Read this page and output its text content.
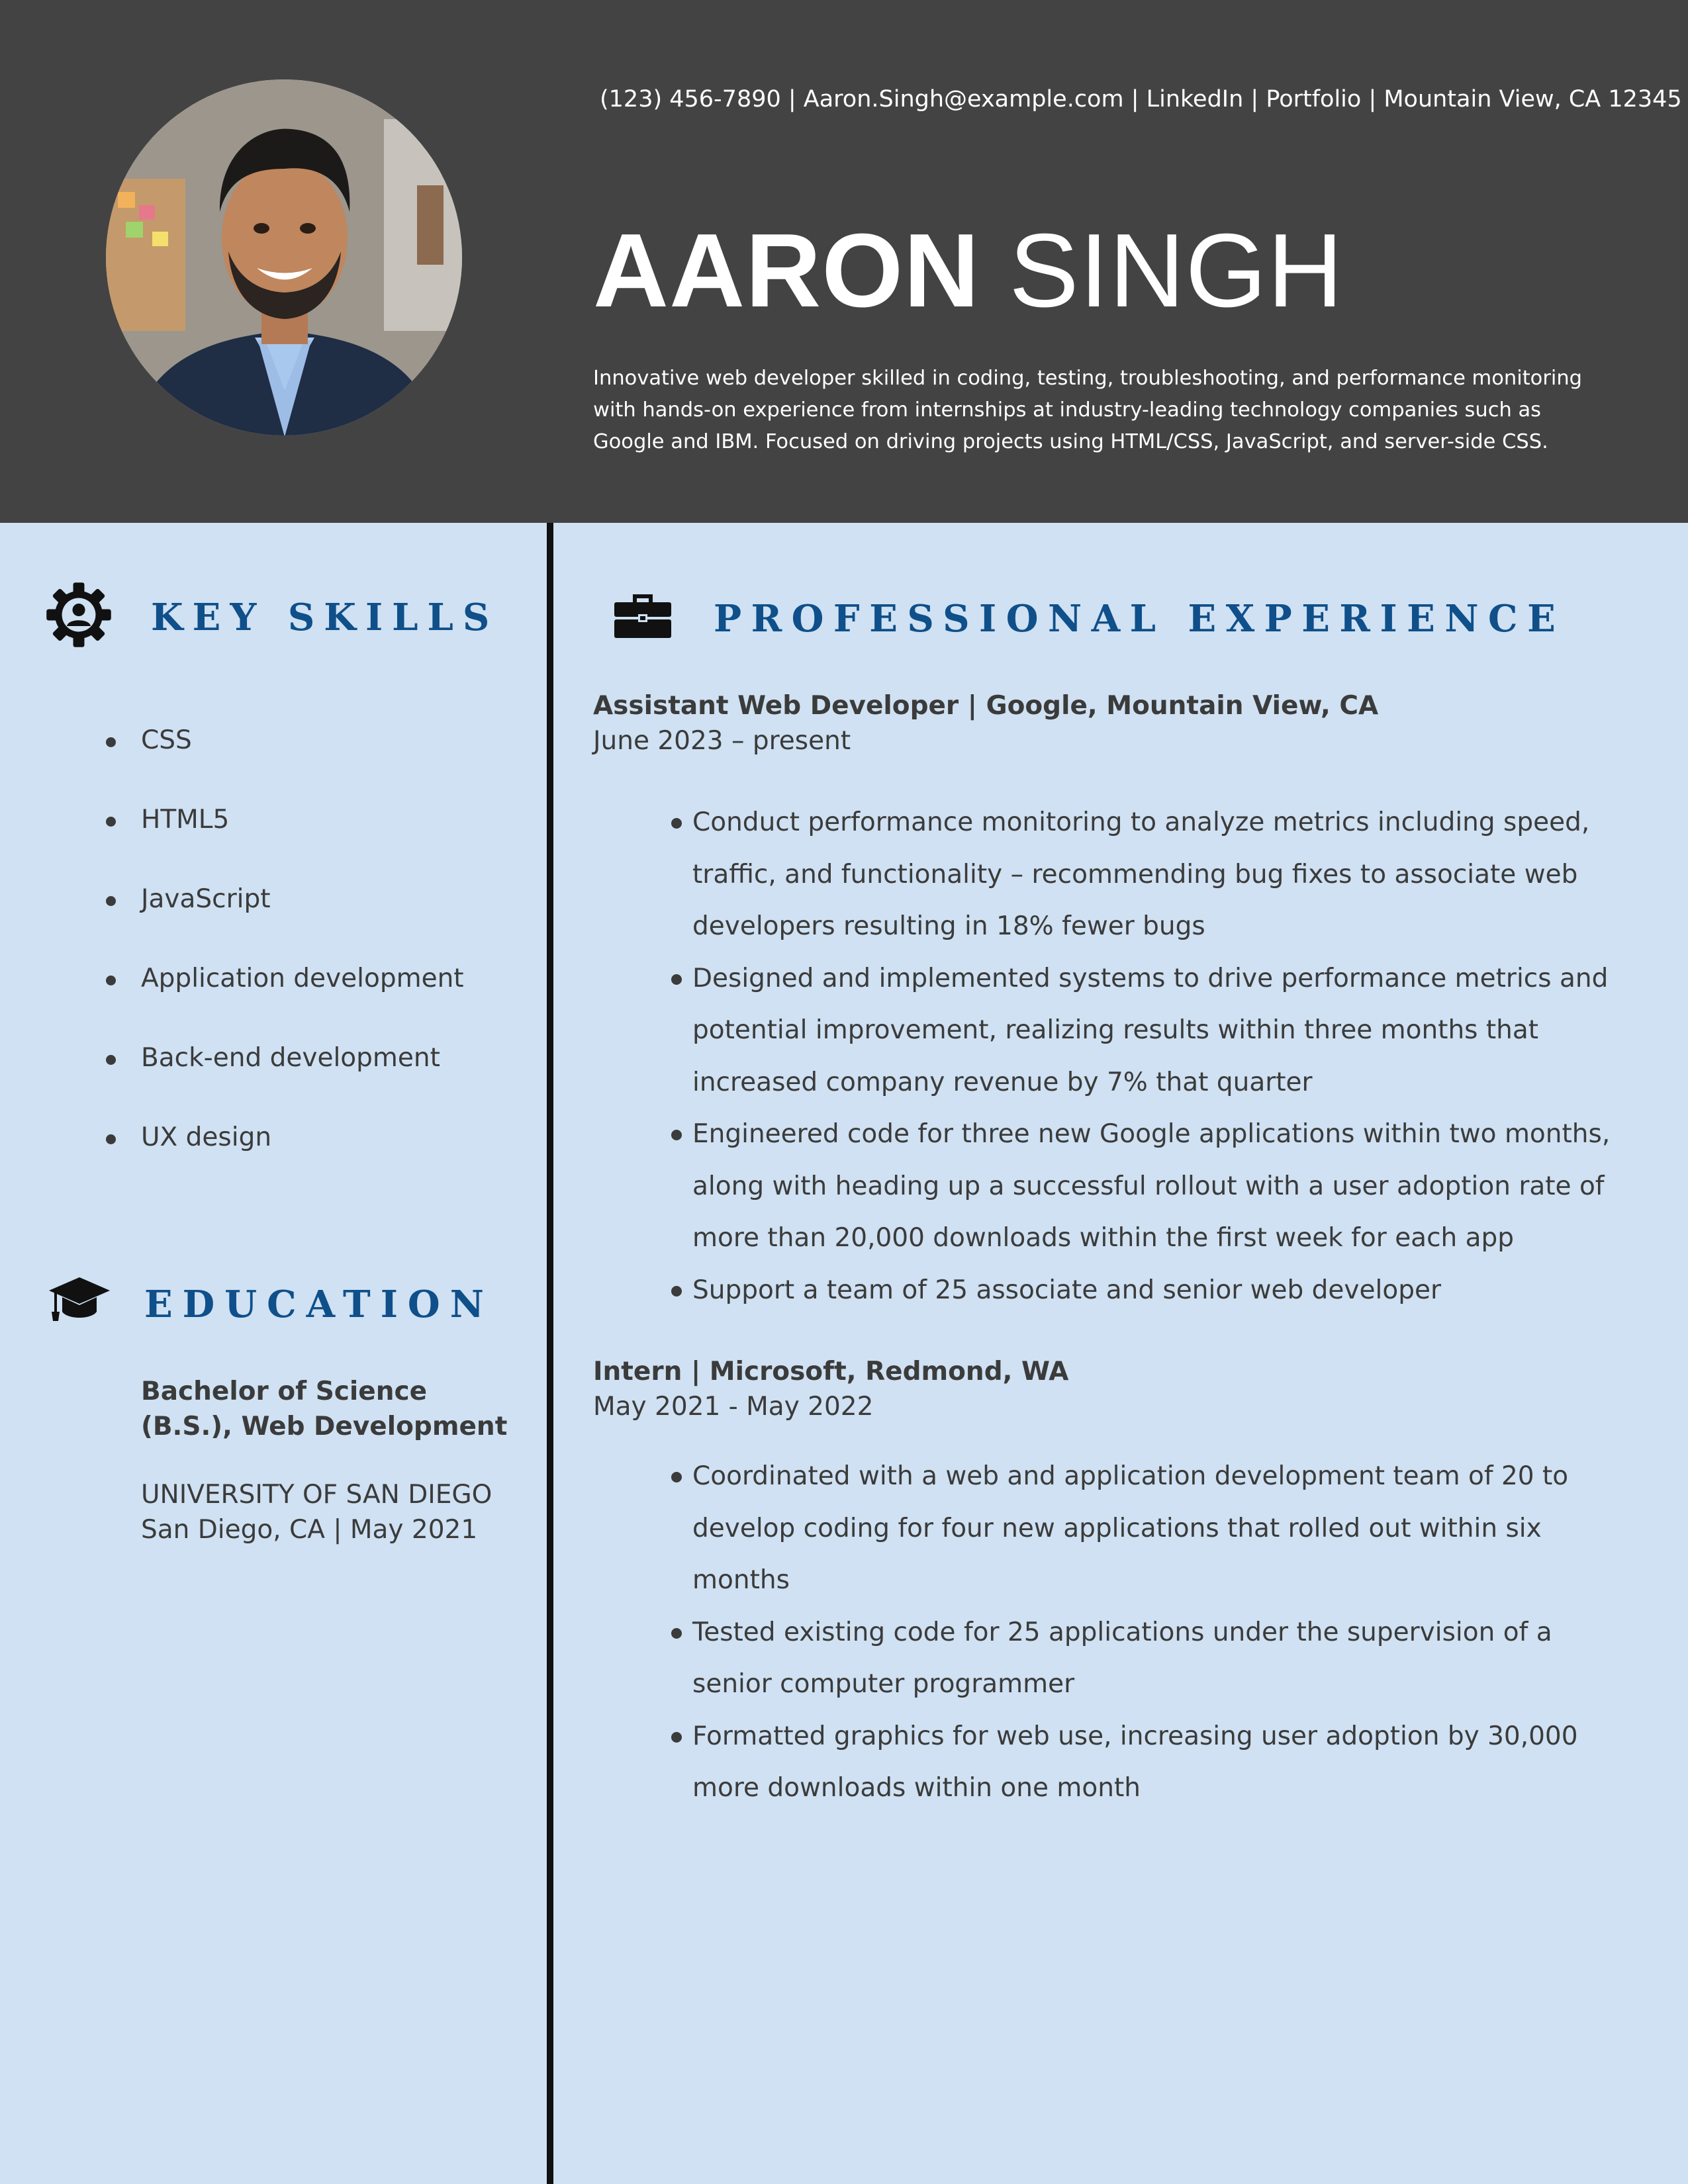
(123) 456-7890 | Aaron.Singh@example.com | LinkedIn | Portfolio | Mountain View, CA 12345
AARON SINGH
Innovative web developer skilled in coding, testing, troubleshooting, and performance monitoring with hands-on experience from internships at industry-leading technology companies such as Google and IBM. Focused on driving projects using HTML/CSS, JavaScript, and server-side CSS.
KEY SKILLS
CSS
HTML5
JavaScript
Application development
Back-end development
UX design
EDUCATION
Bachelor of Science (B.S.), Web Development
UNIVERSITY OF SAN DIEGO
San Diego, CA | May 2021
PROFESSIONAL EXPERIENCE
Assistant Web Developer | Google, Mountain View, CA
June 2023 – present
Conduct performance monitoring to analyze metrics including speed, traffic, and functionality – recommending bug fixes to associate web developers resulting in 18% fewer bugs
Designed and implemented systems to drive performance metrics and potential improvement, realizing results within three months that increased company revenue by 7% that quarter
Engineered code for three new Google applications within two months, along with heading up a successful rollout with a user adoption rate of more than 20,000 downloads within the first week for each app
Support a team of 25 associate and senior web developer
Intern | Microsoft, Redmond, WA
May 2021 - May 2022
Coordinated with a web and application development team of 20 to develop coding for four new applications that rolled out within six months
Tested existing code for 25 applications under the supervision of a senior computer programmer
Formatted graphics for web use, increasing user adoption by 30,000 more downloads within one month
